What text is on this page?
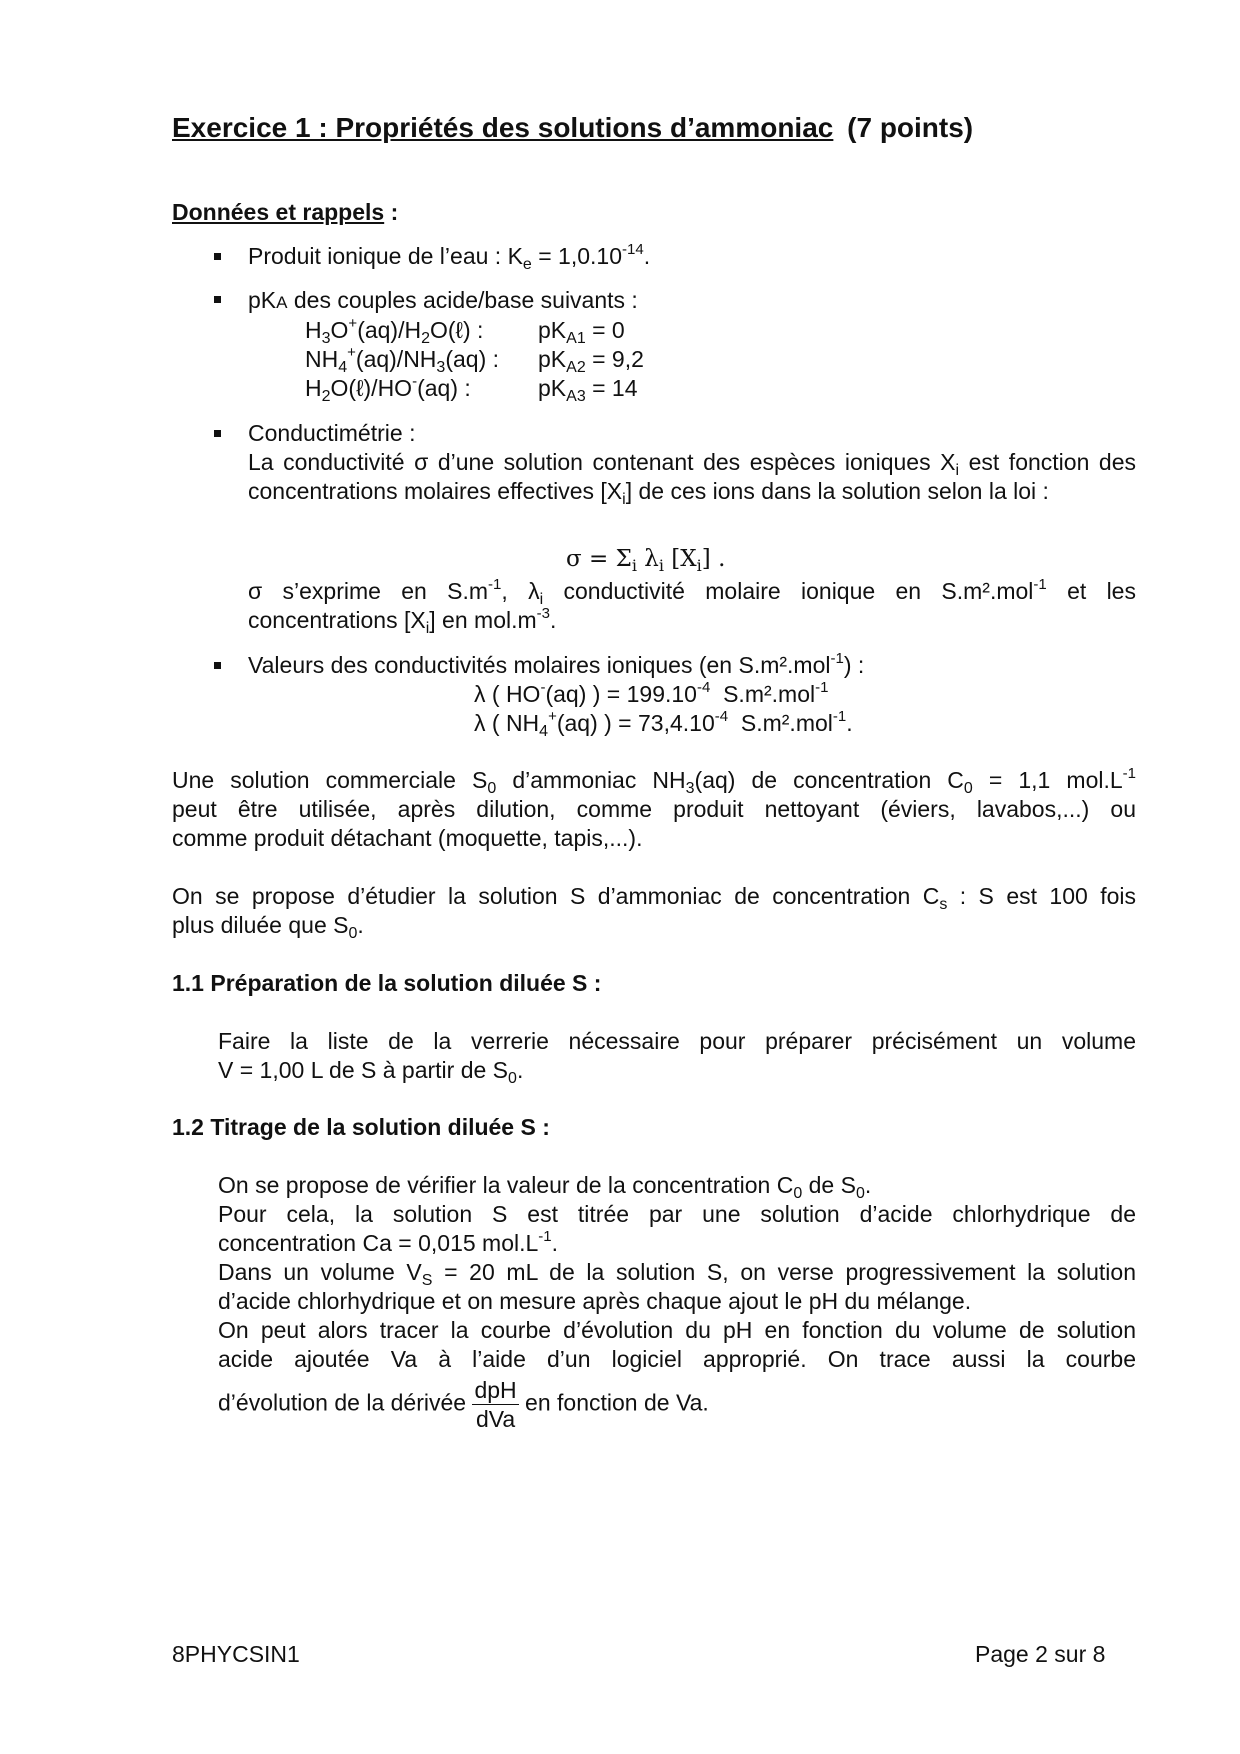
Exercice 1 : Propriétés des solutions d’ammoniac (7 points)
Données et rappels :
Produit ionique de l’eau : $K_e = 1,0.10^{-14}$.
pKA des couples acide/base suivants :
$H_3O^+(aq)/H_2O(\ell)$ : $pK_{A1} = 0$
$NH_4^+(aq)/NH_3(aq)$ : $pK_{A2} = 9,2$
$H_2O(\ell)/HO^-(aq)$ :	$pK_{A3} = 14$
Conductimétrie :
La conductivité σ d’une solution contenant des espèces ioniques $X_i$ est fonction des concentrations molaires effectives $[X_i]$ de ces ions dans la solution selon la loi :
$\sigma = \Sigma_i$ $\lambda_i$ $[X_i]$ .
σ s’exprime en $S.m^{-1}$, $\lambda_i$ conductivité molaire ionique en S.m².mol$^{-1}$ et les
concentrations $[X_i]$ en $mol.m^{-3}$.
Valeurs des conductivités molaires ioniques (en S.m².mol$^{-1}$) :
λ ( HO-(aq) ) = $199.10^{-4}$  S.m².mol$^{-1}$
λ ( $NH_4^+(aq)$ ) = $73,4.10^{-4}$  S.m².mol$^{-1}$.
Une solution commerciale $S_0$ d’ammoniac $NH_3(aq)$ de concentration $C_0 = 1,1$ $mol.L^{-1}$
peut être utilisée, après dilution, comme produit nettoyant (éviers, lavabos,...) ou
comme produit détachant (moquette, tapis,...).
On se propose d’étudier la solution S d’ammoniac de concentration $C_s$ : S est 100 fois
plus diluée que $S_0$.
1.1 Préparation de la solution diluée S :
Faire la liste de la verrerie nécessaire pour préparer précisément un volume
V = 1,00 L de S à partir de $S_0$.
1.2 Titrage de la solution diluée S :
On se propose de vérifier la valeur de la concentration $C_0$ de $S_0$.
Pour cela, la solution S est titrée par une solution d’acide chlorhydrique de
concentration Ca = 0,015 $mol.L^{-1}$.
Dans un volume $V_S = 20$ mL de la solution S, on verse progressivement la solution
d’acide chlorhydrique et on mesure après chaque ajout le pH du mélange.
On peut alors tracer la courbe d’évolution du pH en fonction du volume de solution
acide ajoutée Va à l’aide d’un logiciel approprié. On trace aussi la courbe
d’évolution de la dérivée $\frac{\text{dpH}}{\text{dVa}}$ en fonction de Va.
8PHYCSIN1	Page 2 sur 8
